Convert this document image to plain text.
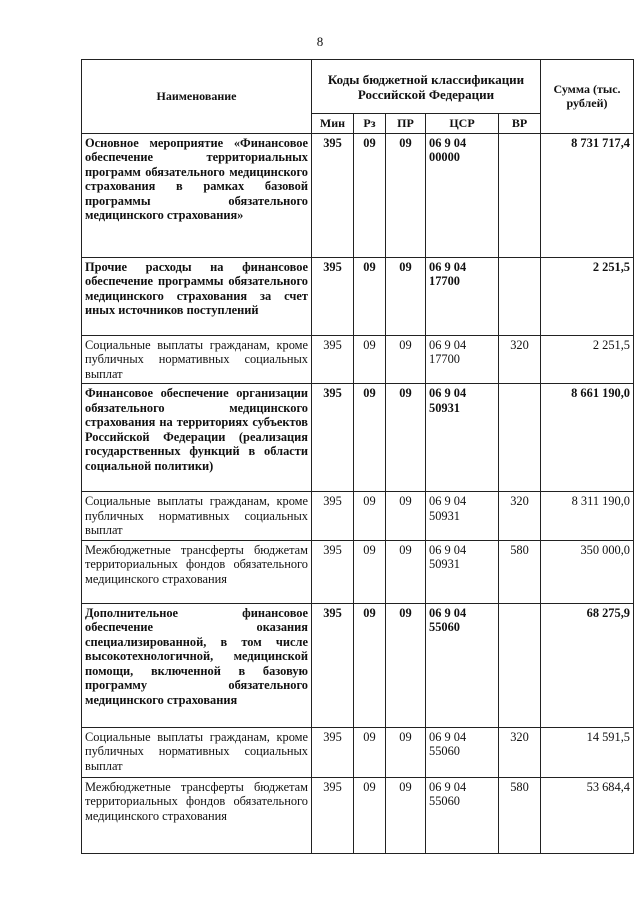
8
Наименование	Коды бюджетной классификации Российской Федерации					Сумма (тыс. рублей)
	Мин	Рз	ПР	ЦСР	ВР	
Основное мероприятие «Финансовое обеспечение территориальных программ обязательного медицинского страхования в рамках базовой программы обязательного медицинского страхования»	395	09	09	06 9 04 00000		8 731 717,4
Прочие расходы на финансовое обеспечение программы обязательного медицинского страхования за счет иных источников поступлений	395	09	09	06 9 04 17700		2 251,5
Социальные выплаты гражданам, кроме публичных нормативных социальных выплат	395	09	09	06 9 04 17700	320	2 251,5
Финансовое обеспечение организации обязательного медицинского страхования на территориях субъектов Российской Федерации (реализация государственных функций в области социальной политики)	395	09	09	06 9 04 50931		8 661 190,0
Социальные выплаты гражданам, кроме публичных нормативных социальных выплат	395	09	09	06 9 04 50931	320	8 311 190,0
Межбюджетные трансферты бюджетам территориальных фондов обязательного медицинского страхования	395	09	09	06 9 04 50931	580	350 000,0
Дополнительное финансовое обеспечение оказания специализированной, в том числе высокотехнологичной, медицинской помощи, включенной в базовую программу обязательного медицинского страхования	395	09	09	06 9 04 55060		68 275,9
Социальные выплаты гражданам, кроме публичных нормативных социальных выплат	395	09	09	06 9 04 55060	320	14 591,5
Межбюджетные трансферты бюджетам территориальных фондов обязательного медицинского страхования	395	09	09	06 9 04 55060	580	53 684,4
